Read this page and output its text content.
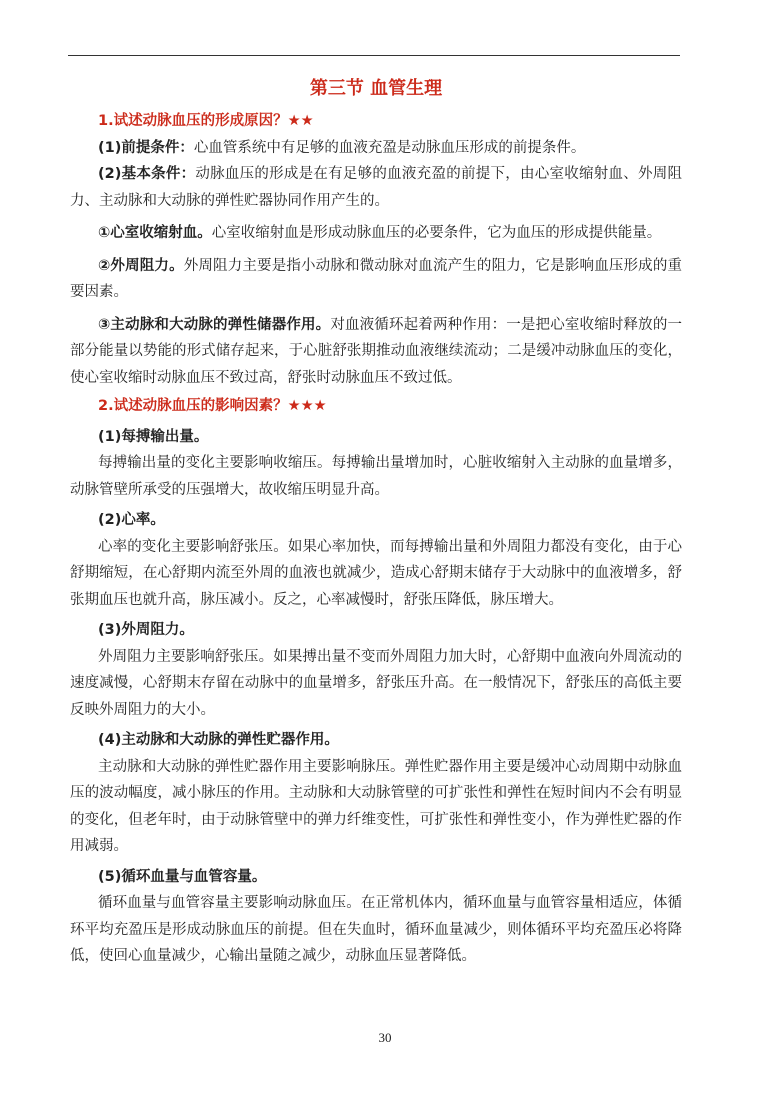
第三节 血管生理

1.试述动脉血压的形成原因？★★

(1)前提条件：心血管系统中有足够的血液充盈是动脉血压形成的前提条件。

(2)基本条件：动脉血压的形成是在有足够的血液充盈的前提下，由心室收缩射血、外周阻力、主动脉和大动脉的弹性贮器协同作用产生的。

①心室收缩射血。心室收缩射血是形成动脉血压的必要条件，它为血压的形成提供能量。

②外周阻力。外周阻力主要是指小动脉和微动脉对血流产生的阻力，它是影响血压形成的重要因素。

③主动脉和大动脉的弹性储器作用。对血液循环起着两种作用：一是把心室收缩时释放的一部分能量以势能的形式储存起来，于心脏舒张期推动血液继续流动；二是缓冲动脉血压的变化，使心室收缩时动脉血压不致过高，舒张时动脉血压不致过低。

2.试述动脉血压的影响因素？★★★

(1)每搏输出量。

每搏输出量的变化主要影响收缩压。每搏输出量增加时，心脏收缩射入主动脉的血量增多，动脉管壁所承受的压强增大，故收缩压明显升高。

(2)心率。

心率的变化主要影响舒张压。如果心率加快，而每搏输出量和外周阻力都没有变化，由于心舒期缩短，在心舒期内流至外周的血液也就减少，造成心舒期末储存于大动脉中的血液增多，舒张期血压也就升高，脉压减小。反之，心率减慢时，舒张压降低，脉压增大。

(3)外周阻力。

外周阻力主要影响舒张压。如果搏出量不变而外周阻力加大时，心舒期中血液向外周流动的速度减慢，心舒期末存留在动脉中的血量增多，舒张压升高。在一般情况下，舒张压的高低主要反映外周阻力的大小。

(4)主动脉和大动脉的弹性贮器作用。

主动脉和大动脉的弹性贮器作用主要影响脉压。弹性贮器作用主要是缓冲心动周期中动脉血压的波动幅度，减小脉压的作用。主动脉和大动脉管壁的可扩张性和弹性在短时间内不会有明显的变化，但老年时，由于动脉管壁中的弹力纤维变性，可扩张性和弹性变小，作为弹性贮器的作用减弱。

(5)循环血量与血管容量。

循环血量与血管容量主要影响动脉血压。在正常机体内，循环血量与血管容量相适应，体循环平均充盈压是形成动脉血压的前提。但在失血时，循环血量减少，则体循环平均充盈压必将降低，使回心血量减少，心输出量随之减少，动脉血压显著降低。

30
